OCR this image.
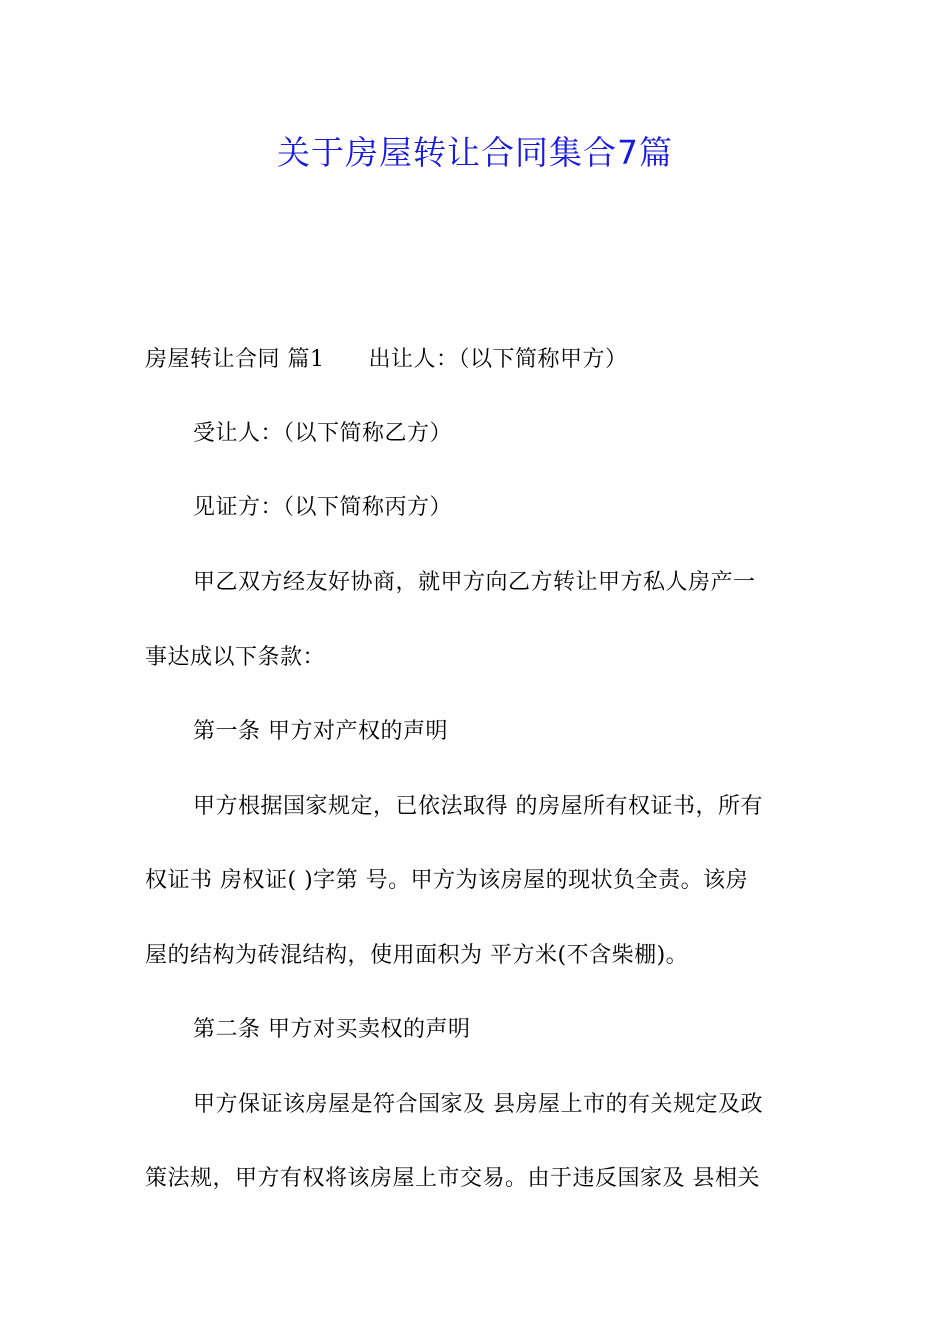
关于房屋转让合同集合7篇
房屋转让合同 篇1 出让人：（以下简称甲方）
受让人：（以下简称乙方）
见证方：（以下简称丙方）
甲乙双方经友好协商，就甲方向乙方转让甲方私人房产一
事达成以下条款：
第一条 甲方对产权的声明
甲方根据国家规定，已依法取得 的房屋所有权证书，所有
权证书 房权证( )字第 号。甲方为该房屋的现状负全责。该房
屋的结构为砖混结构，使用面积为 平方米(不含柴棚)。
第二条 甲方对买卖权的声明
甲方保证该房屋是符合国家及 县房屋上市的有关规定及政
策法规，甲方有权将该房屋上市交易。由于违反国家及 县相关
